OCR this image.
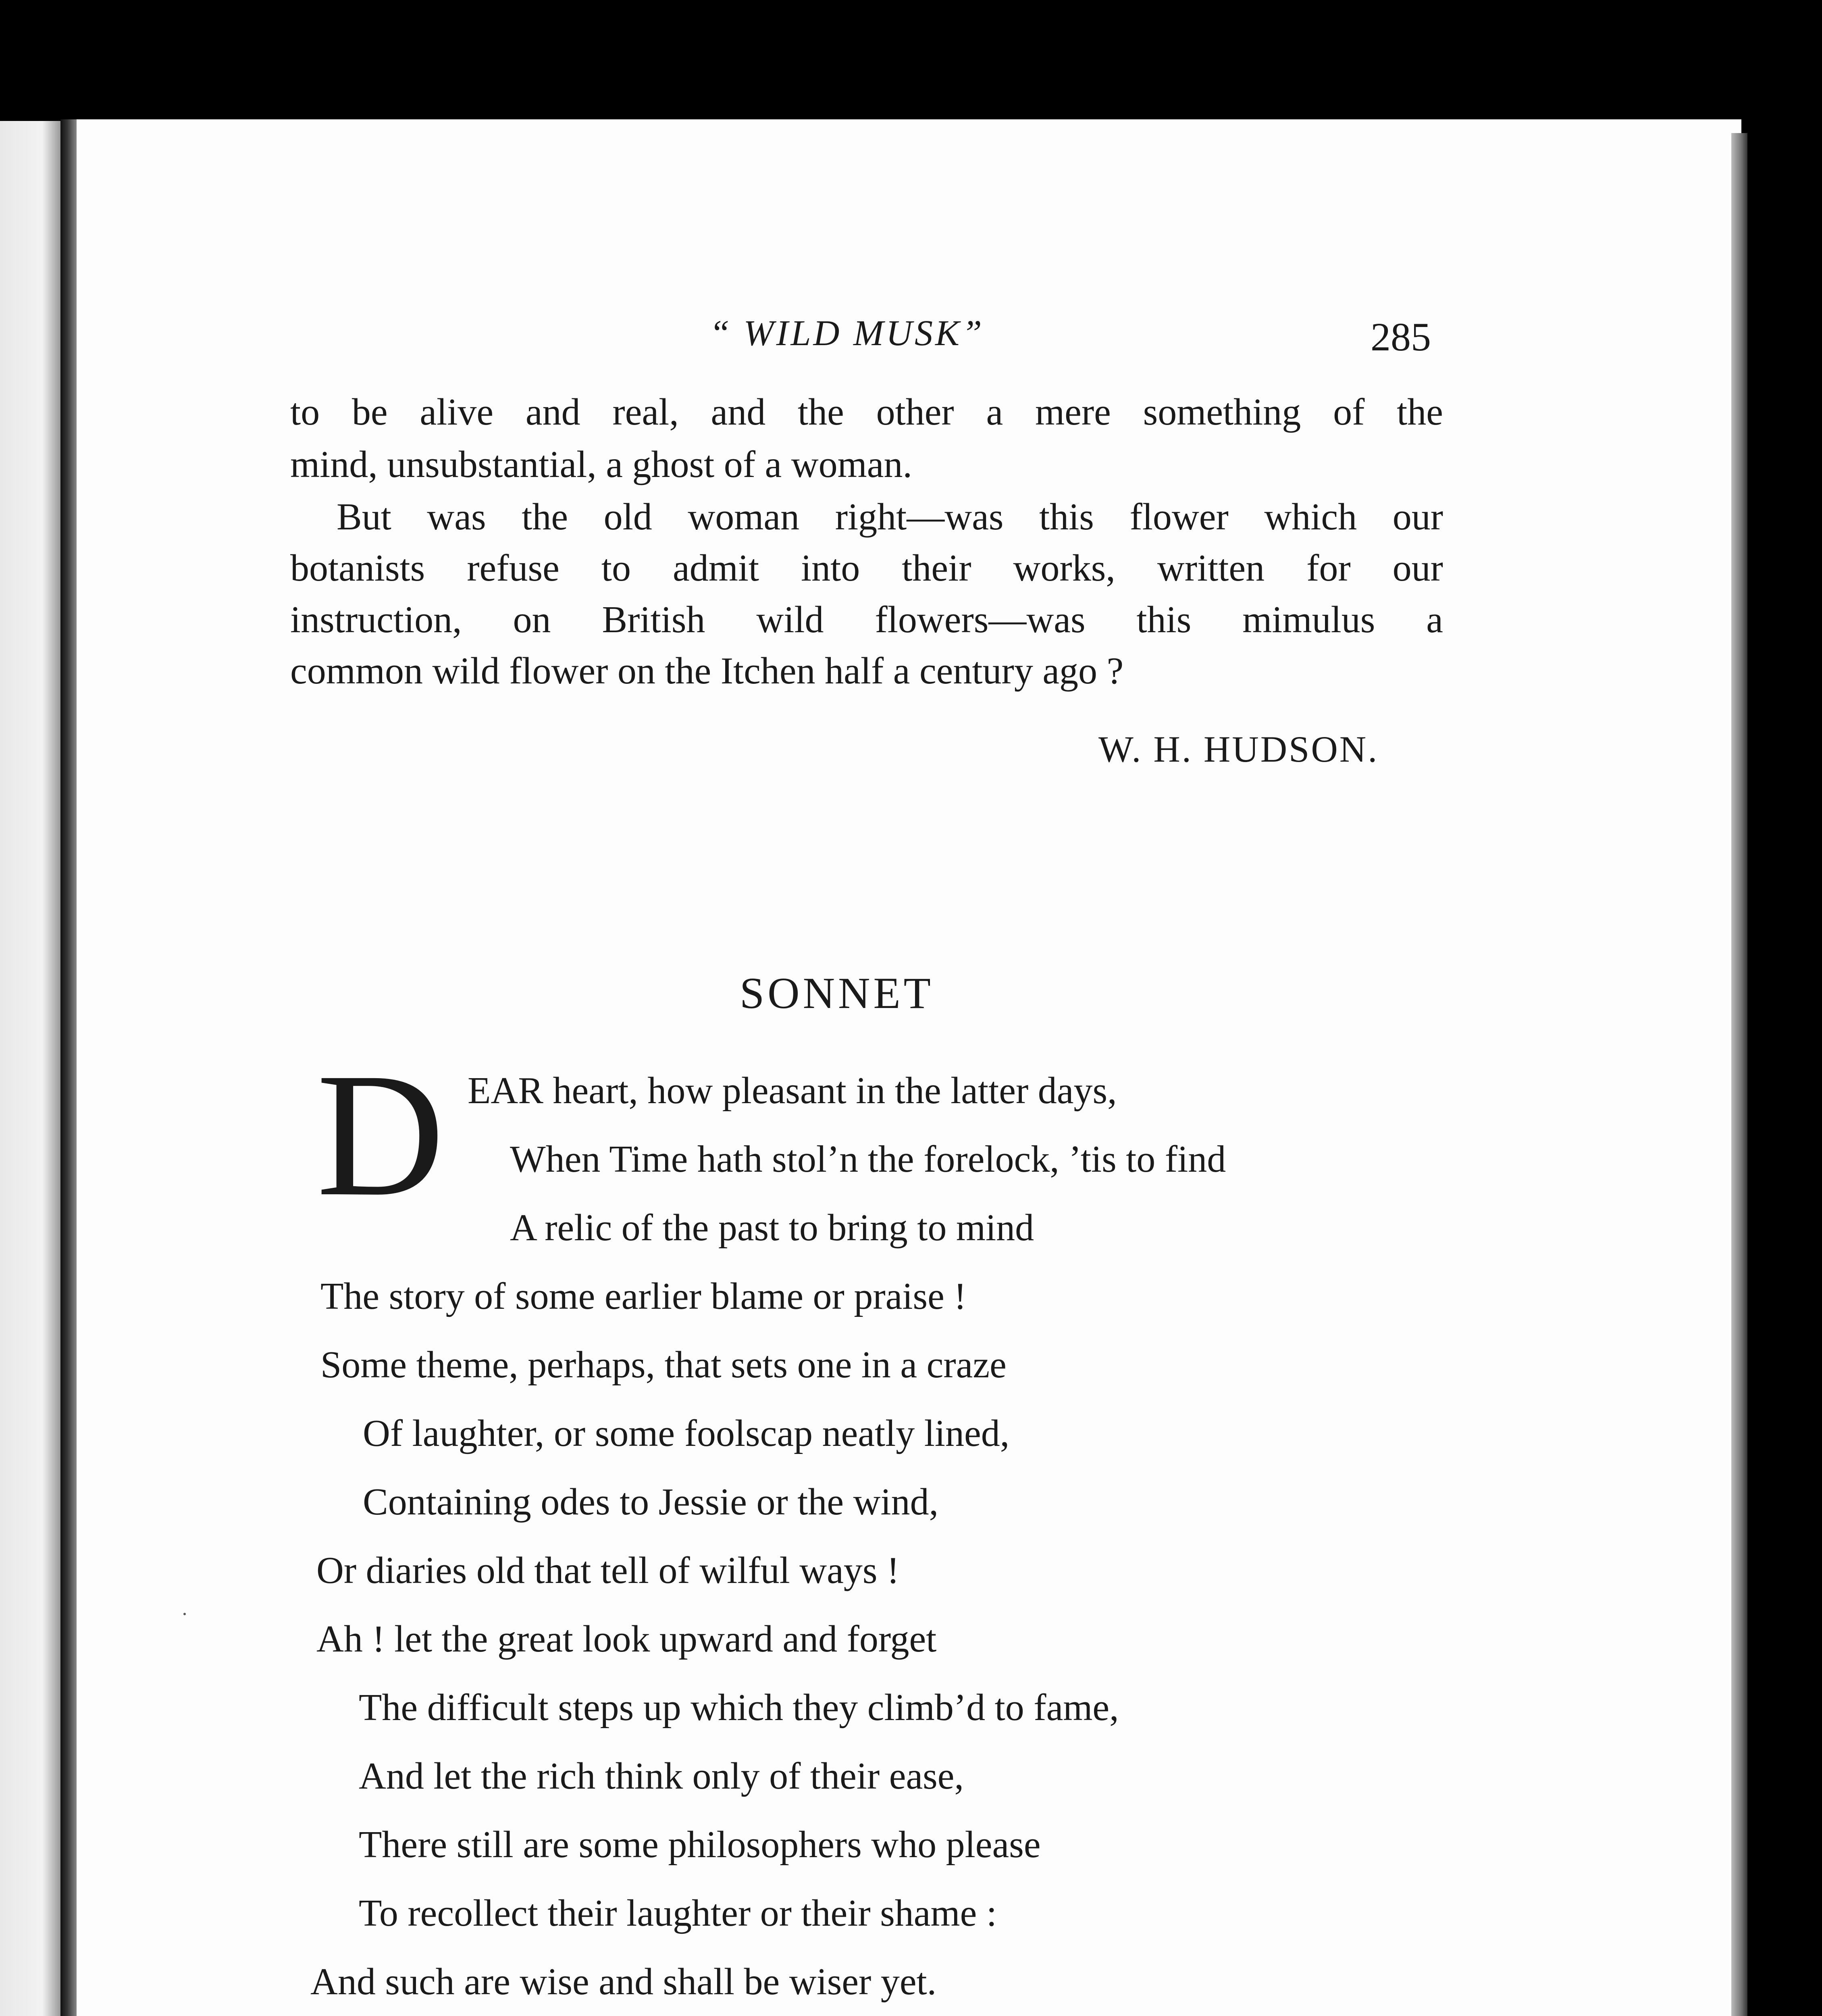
“ WILD MUSK”	285
to be alive and real, and the other a mere something of the
mind, unsubstantial, a ghost of a woman.
But was the old woman right—was this flower which our
botanists refuse to admit into their works, written for our
instruction, on British wild flowers—was this mimulus a
common wild flower on the Itchen half a century ago ?
W. H. HUDSON.
SONNET
D EAR heart, how pleasant in the latter days,
When Time hath stol’n the forelock, ’tis to find
A relic of the past to bring to mind
The story of some earlier blame or praise !
Some theme, perhaps, that sets one in a craze
Of laughter, or some foolscap neatly lined,
Containing odes to Jessie or the wind,
Or diaries old that tell of wilful ways !
Ah ! let the great look upward and forget
The difficult steps up which they climb’d to fame,
And let the rich think only of their ease,
There still are some philosophers who please
To recollect their laughter or their shame :
And such are wise and shall be wiser yet.
